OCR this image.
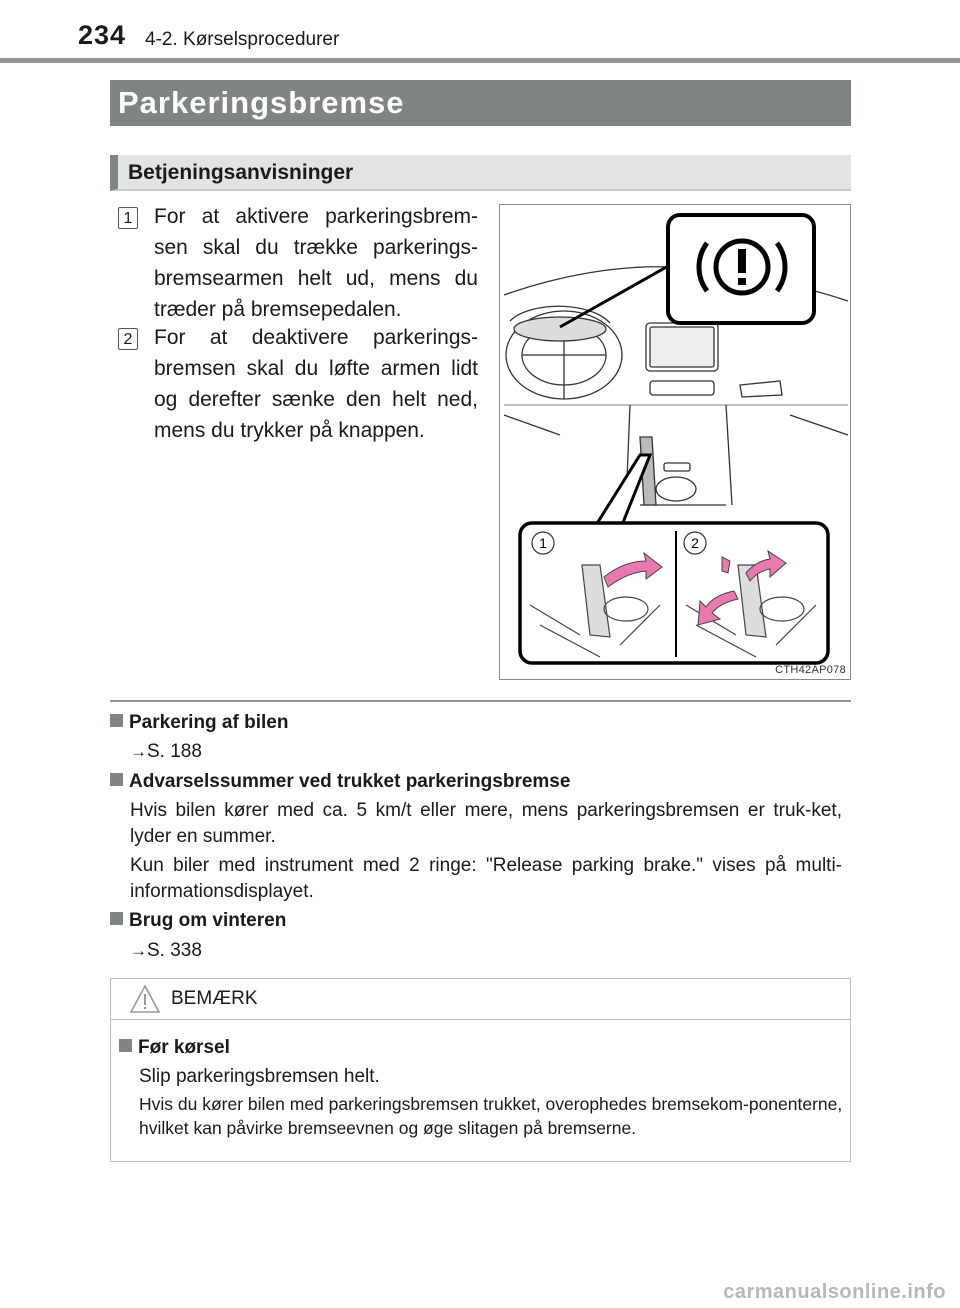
234 4-2. Kørselsprocedurer
Parkeringsbremse
Betjeningsanvisninger
1 For at aktivere parkeringsbrem-sen skal du trække parkerings-bremsearmen helt ud, mens du træder på bremsepedalen.
2 For at deaktivere parkerings-bremsen skal du løfte armen lidt og derefter sænke den helt ned, mens du trykker på knappen.
1	2
CTH42AP078
Parkering af bilen
→S. 188
Advarselssummer ved trukket parkeringsbremse
Hvis bilen kører med ca. 5 km/t eller mere, mens parkeringsbremsen er truk-ket, lyder en summer.
Kun biler med instrument med 2 ringe: "Release parking brake." vises på multi-informationsdisplayet.
Brug om vinteren
→S. 338
BEMÆRK
Før kørsel
Slip parkeringsbremsen helt.
Hvis du kører bilen med parkeringsbremsen trukket, overophedes bremsekom-ponenterne, hvilket kan påvirke bremseevnen og øge slitagen på bremserne.
carmanualsonline.info
